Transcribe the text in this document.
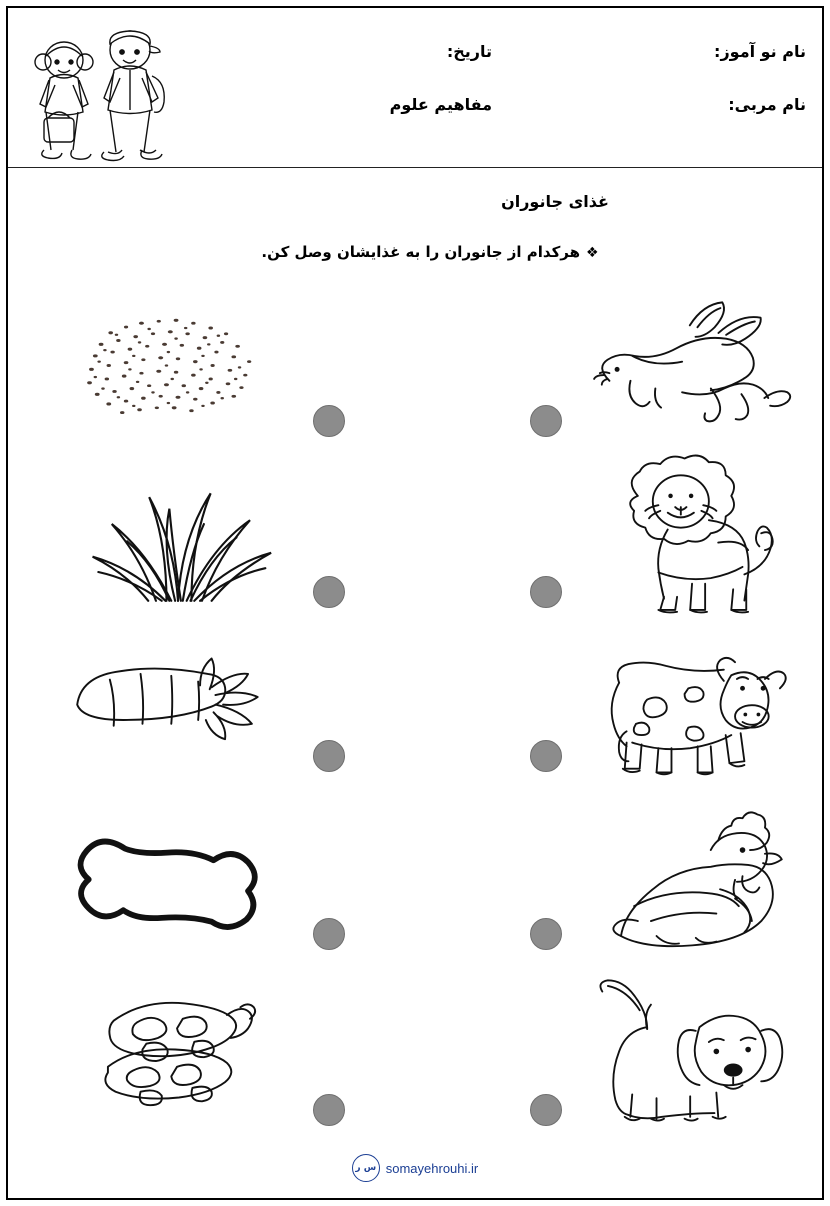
نام نو آموز:
نام مربی:
تاریخ:
مفاهیم علوم
غذای جانوران
❖هرکدام از جانوران را به غذایشان وصل کن.
س ر somayehrouhi.ir
